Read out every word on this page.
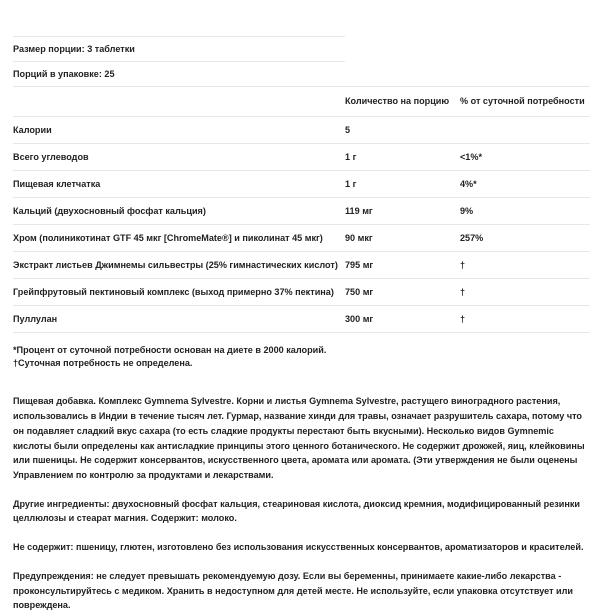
Размер порции: 3 таблетки		
Порций в упаковке: 25		
	Количество на порцию	% от суточной потребности
Калории	5	
Всего углеводов	1 г	<1%*
Пищевая клетчатка	1 г	4%*
Кальций (двухосновный фосфат кальция)	119 мг	9%
Хром (полиникотинат GTF 45 мкг [ChromeMate®] и пиколинат 45 мкг)	90 мкг	257%
Экстракт листьев Джимнемы сильвестры (25% гимнастических кислот)	795 мг	†
Грейпфрутовый пектиновый комплекс (выход примерно 37% пектина)	750 мг	†
Пуллулан	300 мг	†
*Процент от суточной потребности основан на диете в 2000 калорий.
†Суточная потребность не определена.

Пищевая добавка. Комплекс Gymnema Sylvestre. Корни и листья Gymnema Sylvestre, растущего виноградного растения, использовались в Индии в течение тысяч лет. Гурмар, название хинди для травы, означает разрушитель сахара, потому что он подавляет сладкий вкус сахара (то есть сладкие продукты перестают быть вкусными). Несколько видов Gymnemic кислоты были определены как антисладкие принципы этого ценного ботанического. Не содержит дрожжей, яиц, клейковины или пшеницы. Не содержит консервантов, искусственного цвета, аромата или аромата. (Эти утверждения не были оценены Управлением по контролю за продуктами и лекарствами.

Другие ингредиенты: двухосновный фосфат кальция, стеариновая кислота, диоксид кремния, модифицированный резинки целлюлозы и стеарат магния. Содержит: молоко.

Не содержит: пшеницу, глютен, изготовлено без использования искусственных консервантов, ароматизаторов и красителей.

Предупреждения: не следует превышать рекомендуемую дозу. Если вы беременны, принимаете какие-либо лекарства - проконсультируйтесь с медиком. Хранить в недоступном для детей месте. Не используйте, если упаковка отсутствует или повреждена.
